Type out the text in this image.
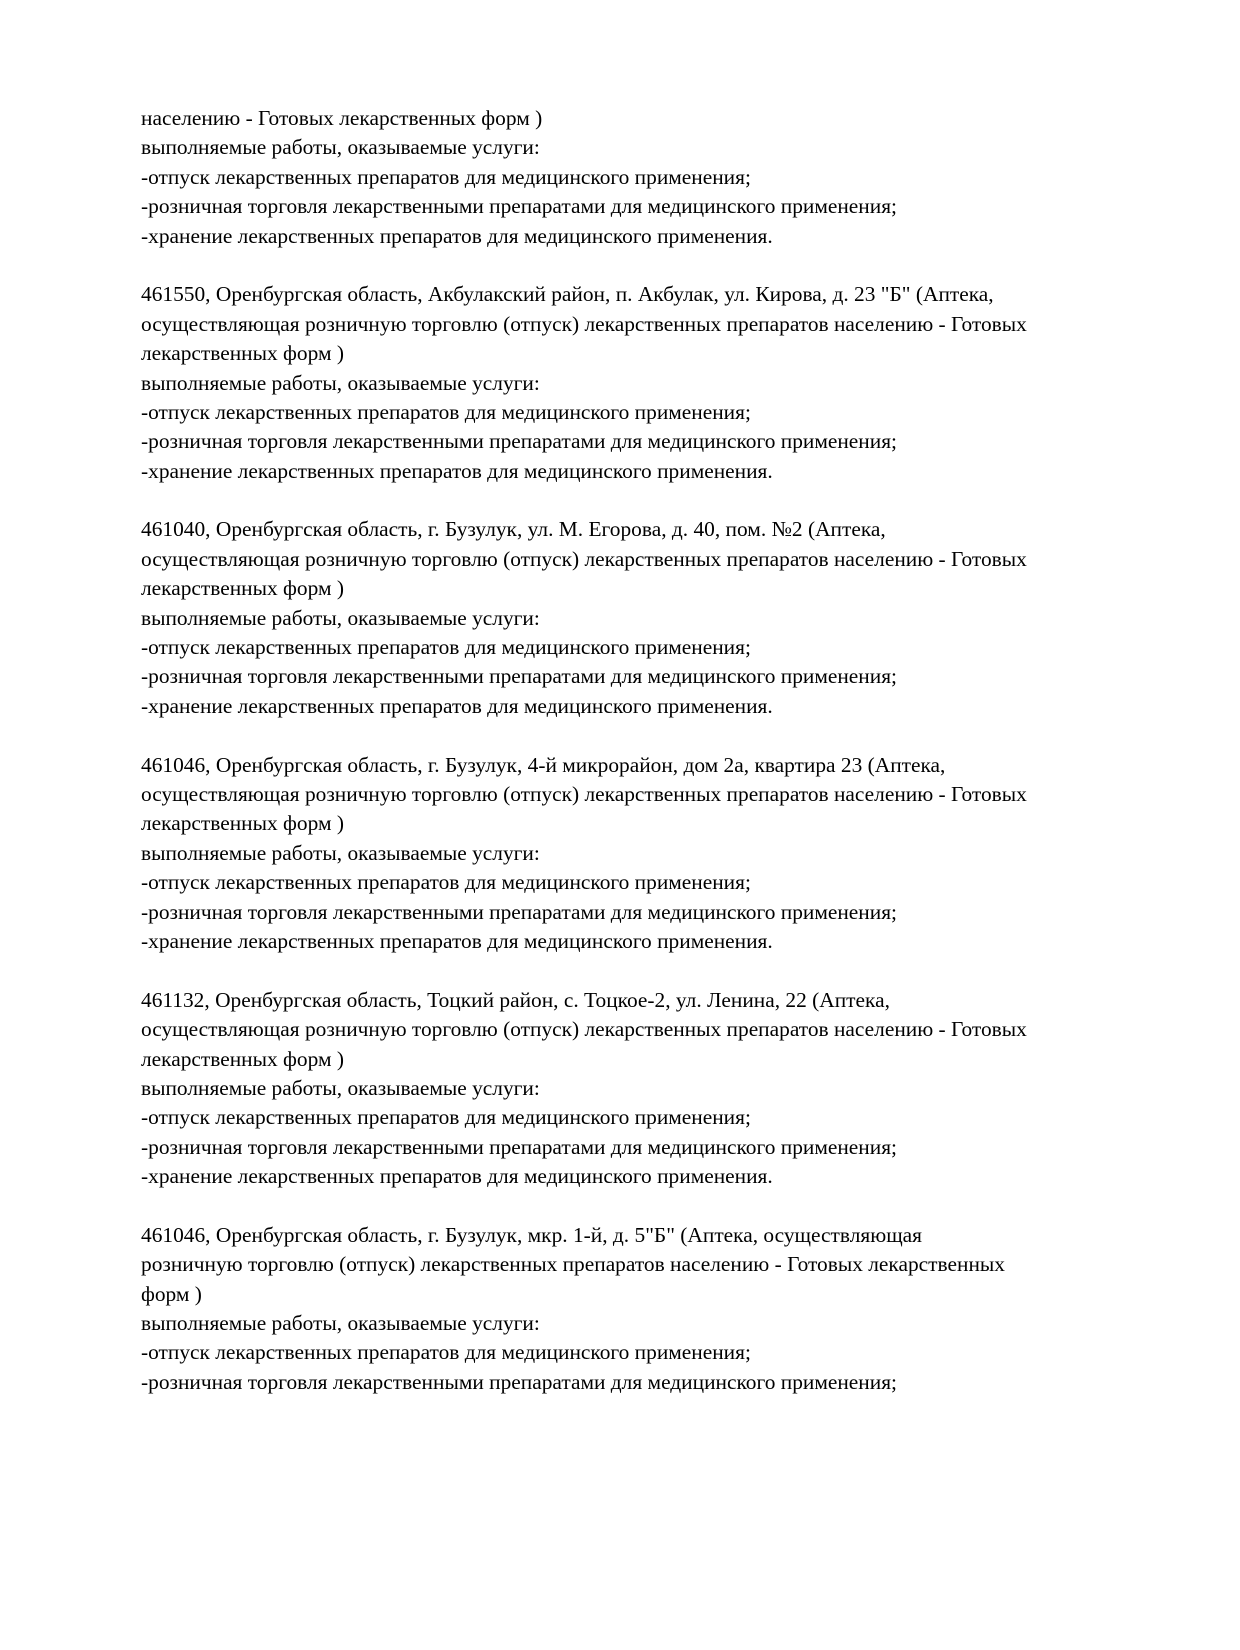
населению - Готовых лекарственных форм )
выполняемые работы, оказываемые услуги:
-отпуск лекарственных препаратов для медицинского применения;
-розничная торговля лекарственными препаратами для медицинского применения;
-хранение лекарственных препаратов для медицинского применения.
461550, Оренбургская область, Акбулакский район, п. Акбулак, ул. Кирова, д. 23 "Б" (Аптека,
осуществляющая розничную торговлю (отпуск) лекарственных препаратов населению - Готовых
лекарственных форм )
выполняемые работы, оказываемые услуги:
-отпуск лекарственных препаратов для медицинского применения;
-розничная торговля лекарственными препаратами для медицинского применения;
-хранение лекарственных препаратов для медицинского применения.
461040, Оренбургская область, г. Бузулук, ул. М. Егорова, д. 40, пом. №2 (Аптека,
осуществляющая розничную торговлю (отпуск) лекарственных препаратов населению - Готовых
лекарственных форм )
выполняемые работы, оказываемые услуги:
-отпуск лекарственных препаратов для медицинского применения;
-розничная торговля лекарственными препаратами для медицинского применения;
-хранение лекарственных препаратов для медицинского применения.
461046, Оренбургская область, г. Бузулук, 4-й микрорайон, дом 2а, квартира 23 (Аптека,
осуществляющая розничную торговлю (отпуск) лекарственных препаратов населению - Готовых
лекарственных форм )
выполняемые работы, оказываемые услуги:
-отпуск лекарственных препаратов для медицинского применения;
-розничная торговля лекарственными препаратами для медицинского применения;
-хранение лекарственных препаратов для медицинского применения.
461132, Оренбургская область, Тоцкий район, с. Тоцкое-2, ул. Ленина, 22 (Аптека,
осуществляющая розничную торговлю (отпуск) лекарственных препаратов населению - Готовых
лекарственных форм )
выполняемые работы, оказываемые услуги:
-отпуск лекарственных препаратов для медицинского применения;
-розничная торговля лекарственными препаратами для медицинского применения;
-хранение лекарственных препаратов для медицинского применения.
461046, Оренбургская область, г. Бузулук, мкр. 1-й, д. 5"Б" (Аптека, осуществляющая
розничную торговлю (отпуск) лекарственных препаратов населению - Готовых лекарственных
форм )
выполняемые работы, оказываемые услуги:
-отпуск лекарственных препаратов для медицинского применения;
-розничная торговля лекарственными препаратами для медицинского применения;
